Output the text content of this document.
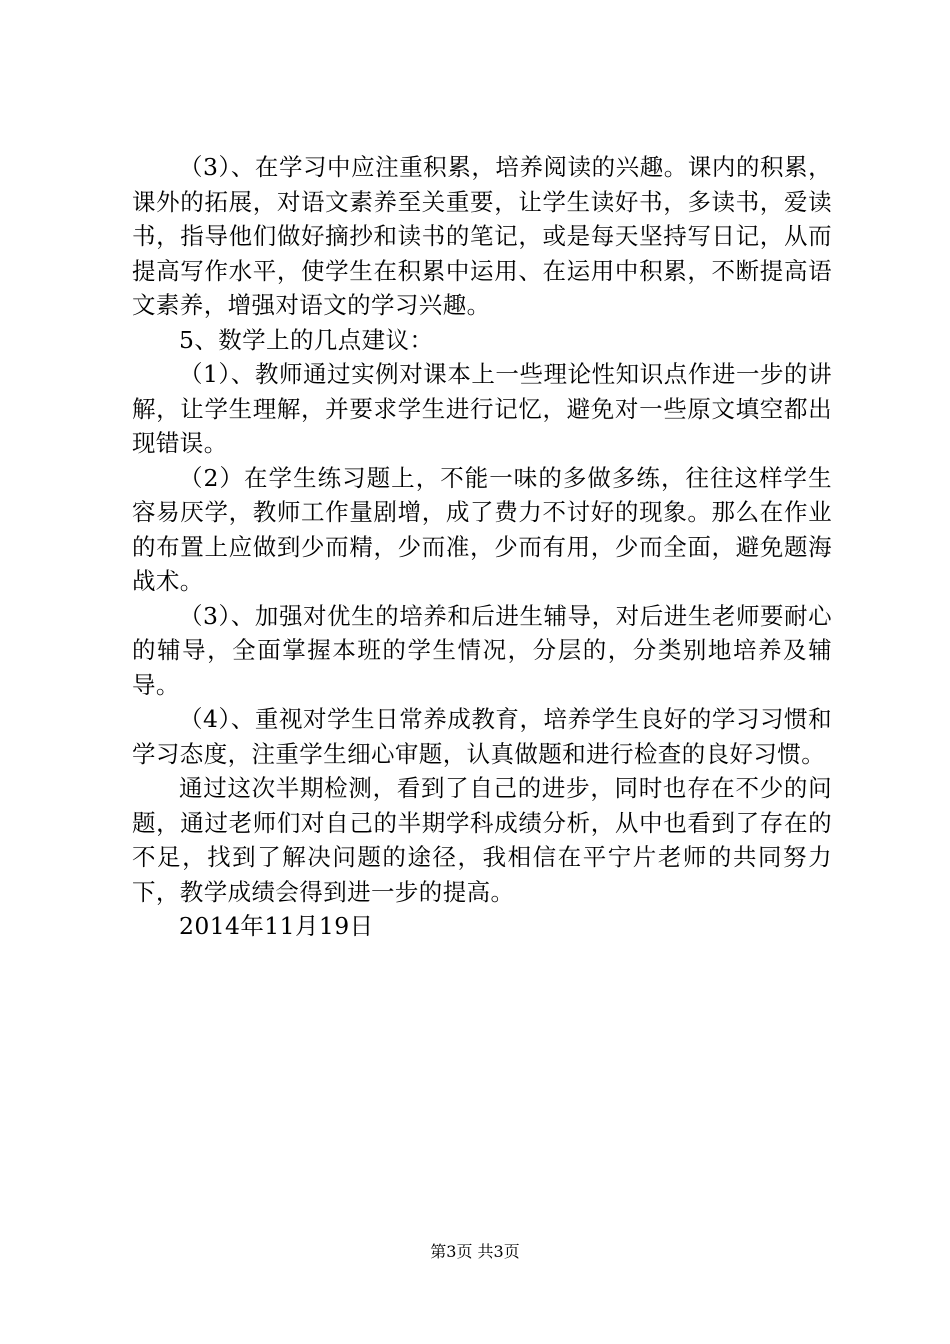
（3）、在学习中应注重积累，培养阅读的兴趣。课内的积累，课外的拓展，对语文素养至关重要，让学生读好书，多读书，爱读书，指导他们做好摘抄和读书的笔记，或是每天坚持写日记，从而提高写作水平，使学生在积累中运用、在运用中积累，不断提高语文素养，增强对语文的学习兴趣。

5、数学上的几点建议：

（1）、教师通过实例对课本上一些理论性知识点作进一步的讲解，让学生理解，并要求学生进行记忆，避免对一些原文填空都出现错误。

（2）在学生练习题上，不能一味的多做多练，往往这样学生容易厌学，教师工作量剧增，成了费力不讨好的现象。那么在作业的布置上应做到少而精，少而准，少而有用，少而全面，避免题海战术。

（3）、加强对优生的培养和后进生辅导，对后进生老师要耐心的辅导，全面掌握本班的学生情况，分层的，分类别地培养及辅导。

（4）、重视对学生日常养成教育，培养学生良好的学习习惯和学习态度，注重学生细心审题，认真做题和进行检查的良好习惯。

通过这次半期检测，看到了自己的进步，同时也存在不少的问题，通过老师们对自己的半期学科成绩分析，从中也看到了存在的不足，找到了解决问题的途径，我相信在平宁片老师的共同努力下，教学成绩会得到进一步的提高。

2014年11月19日

第3页 共3页
